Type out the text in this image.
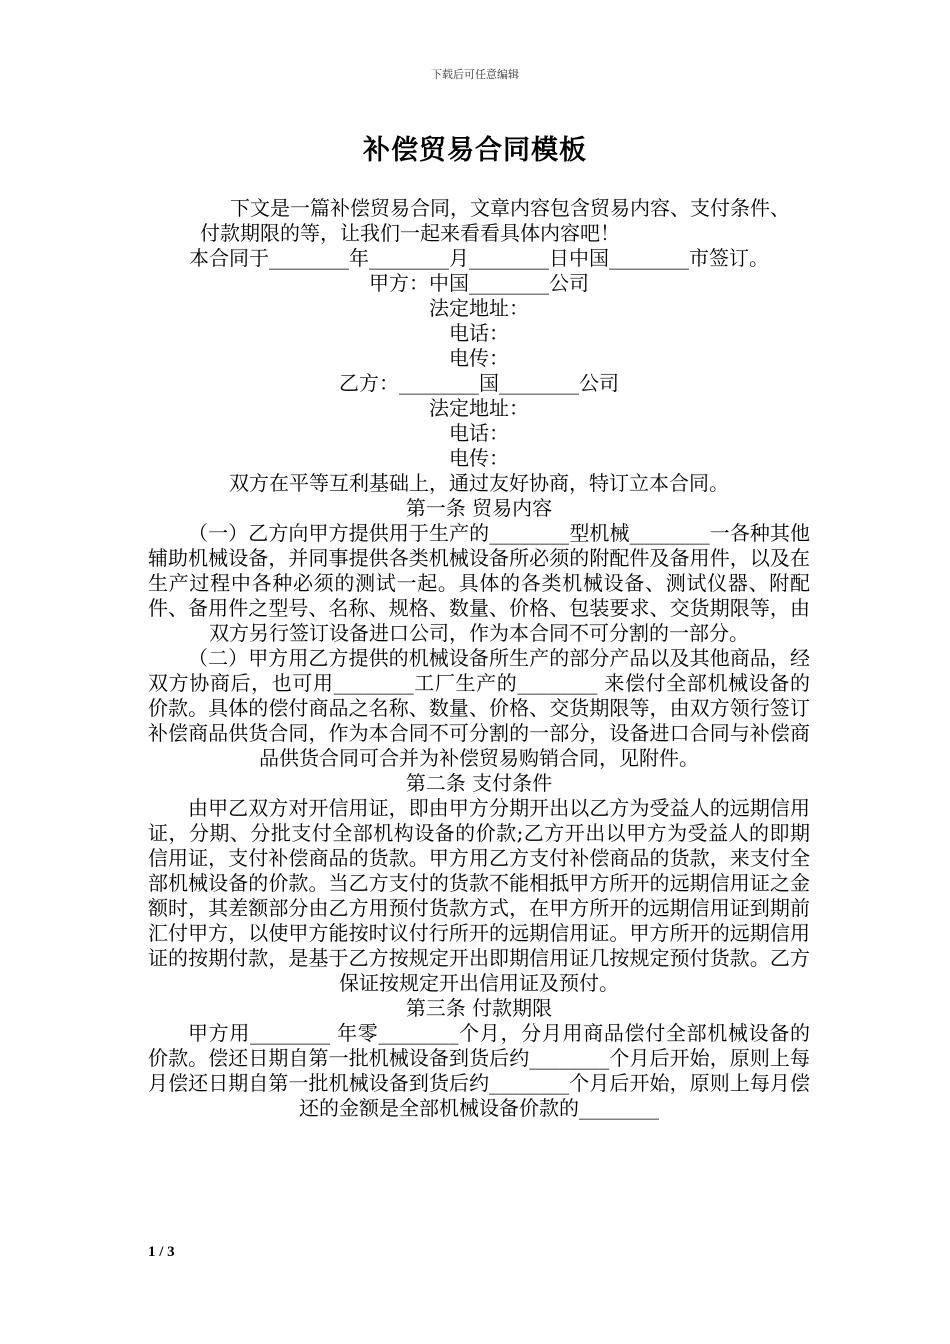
下载后可任意编辑
补偿贸易合同模板

下文是一篇补偿贸易合同，文章内容包含贸易内容、支付条件、付款期限的等，让我们一起来看看具体内容吧！

本合同于________年________月________日中国________市签订。

甲方：中国________公司

法定地址：

电话：

电传：

乙方：________国________公司

法定地址：

电话：

电传：

双方在平等互利基础上，通过友好协商，特订立本合同。

第一条 贸易内容

（一）乙方向甲方提供用于生产的________型机械________一各种其他辅助机械设备，并同事提供各类机械设备所必须的附配件及备用件，以及在生产过程中各种必须的测试一起。具体的各类机械设备、测试仪器、附配件、备用件之型号、名称、规格、数量、价格、包装要求、交货期限等，由双方另行签订设备进口公司，作为本合同不可分割的一部分。

（二）甲方用乙方提供的机械设备所生产的部分产品以及其他商品，经双方协商后，也可用________工厂生产的________ 来偿付全部机械设备的价款。具体的偿付商品之名称、数量、价格、交货期限等，由双方领行签订补偿商品供货合同，作为本合同不可分割的一部分，设备进口合同与补偿商品供货合同可合并为补偿贸易购销合同，见附件。

第二条 支付条件

由甲乙双方对开信用证，即由甲方分期开出以乙方为受益人的远期信用证，分期、分批支付全部机构设备的价款;乙方开出以甲方为受益人的即期信用证，支付补偿商品的货款。甲方用乙方支付补偿商品的货款，来支付全部机械设备的价款。当乙方支付的货款不能相抵甲方所开的远期信用证之金额时，其差额部分由乙方用预付货款方式，在甲方所开的远期信用证到期前汇付甲方，以使甲方能按时议付行所开的远期信用证。甲方所开的远期信用证的按期付款，是基于乙方按规定开出即期信用证几按规定预付货款。乙方保证按规定开出信用证及预付。

第三条 付款期限

甲方用________ 年零________个月，分月用商品偿付全部机械设备的价款。偿还日期自第一批机械设备到货后约________个月后开始，原则上每月偿还日期自第一批机械设备到货后约________个月后开始，原则上每月偿还的金额是全部机械设备价款的________

1 / 3
